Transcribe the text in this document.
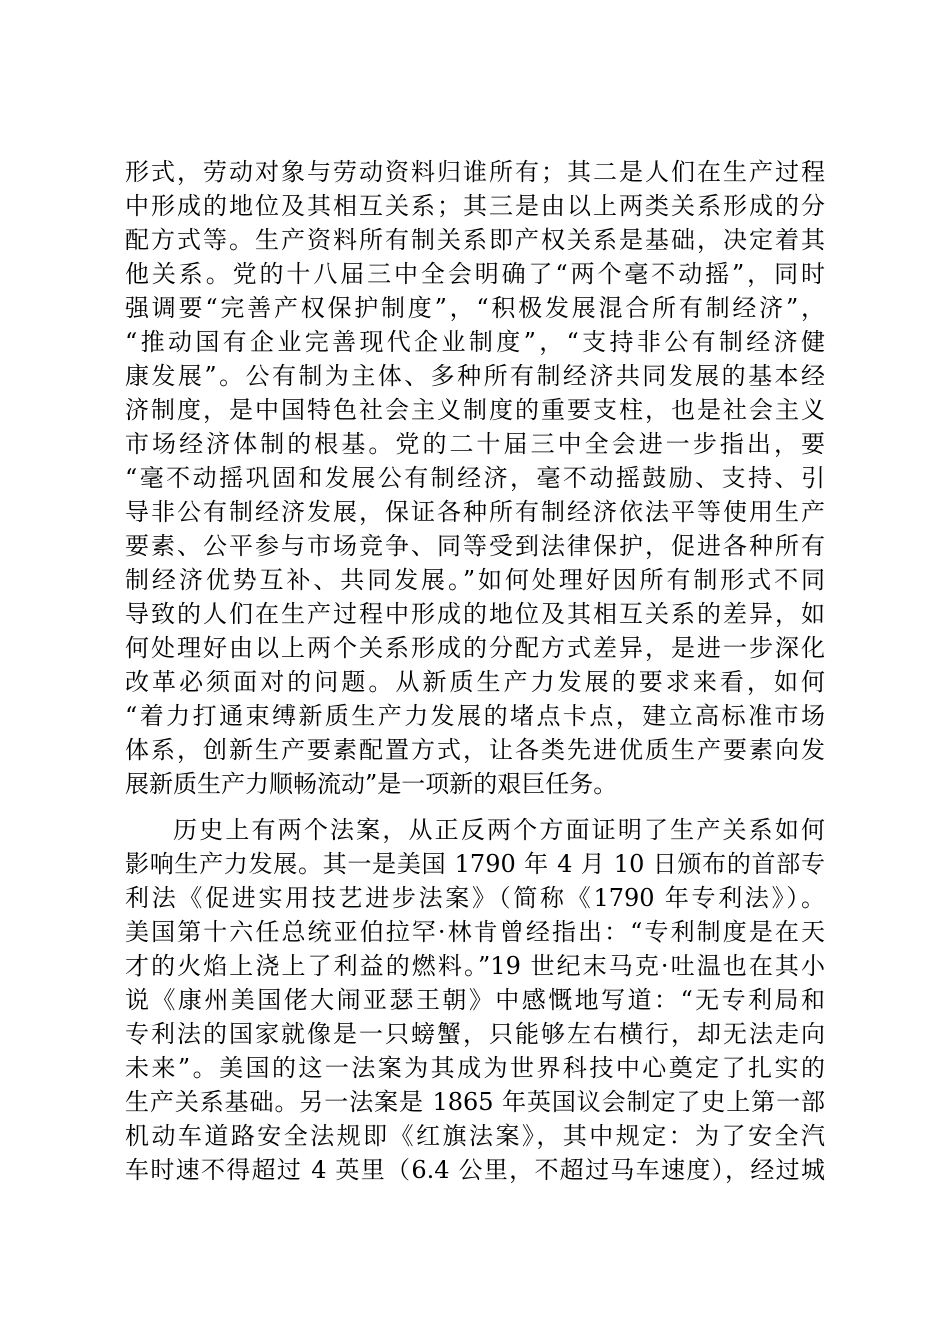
形式，劳动对象与劳动资料归谁所有；其二是人们在生产过程
中形成的地位及其相互关系；其三是由以上两类关系形成的分
配方式等。生产资料所有制关系即产权关系是基础，决定着其
他关系。党的十八届三中全会明确了“两个毫不动摇”，同时
强调要“完善产权保护制度”，“积极发展混合所有制经济”，
“推动国有企业完善现代企业制度”，“支持非公有制经济健
康发展”。公有制为主体、多种所有制经济共同发展的基本经
济制度，是中国特色社会主义制度的重要支柱，也是社会主义
市场经济体制的根基。党的二十届三中全会进一步指出，要
“毫不动摇巩固和发展公有制经济，毫不动摇鼓励、支持、引
导非公有制经济发展，保证各种所有制经济依法平等使用生产
要素、公平参与市场竞争、同等受到法律保护，促进各种所有
制经济优势互补、共同发展。”如何处理好因所有制形式不同
导致的人们在生产过程中形成的地位及其相互关系的差异，如
何处理好由以上两个关系形成的分配方式差异，是进一步深化
改革必须面对的问题。从新质生产力发展的要求来看，如何
“着力打通束缚新质生产力发展的堵点卡点，建立高标准市场
体系，创新生产要素配置方式，让各类先进优质生产要素向发
展新质生产力顺畅流动”是一项新的艰巨任务。
历史上有两个法案，从正反两个方面证明了生产关系如何
影响生产力发展。其一是美国 1790 年 4 月 10 日颁布的首部专
利法《促进实用技艺进步法案》（简称《1790 年专利法》）。
美国第十六任总统亚伯拉罕·林肯曾经指出：“专利制度是在天
才的火焰上浇上了利益的燃料。”19 世纪末马克·吐温也在其小
说《康州美国佬大闹亚瑟王朝》中感慨地写道：“无专利局和
专利法的国家就像是一只螃蟹，只能够左右横行，却无法走向
未来”。美国的这一法案为其成为世界科技中心奠定了扎实的
生产关系基础。另一法案是 1865 年英国议会制定了史上第一部
机动车道路安全法规即《红旗法案》，其中规定：为了安全汽
车时速不得超过 4 英里（6.4 公里，不超过马车速度），经过城
